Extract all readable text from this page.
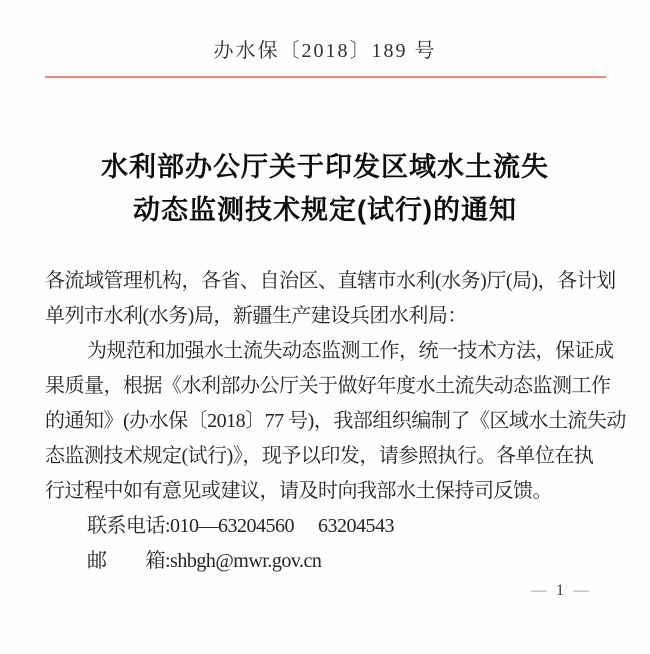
办水保〔2018〕189 号
水利部办公厅关于印发区域水土流失
动态监测技术规定(试行)的通知
各流域管理机构，各省、自治区、直辖市水利(水务)厅(局)，各计划
单列市水利(水务)局，新疆生产建设兵团水利局：
为规范和加强水土流失动态监测工作，统一技术方法，保证成
果质量，根据《水利部办公厅关于做好年度水土流失动态监测工作
的通知》(办水保〔2018〕77 号)，我部组织编制了《区域水土流失动
态监测技术规定(试行)》，现予以印发，请参照执行。各单位在执
行过程中如有意见或建议，请及时向我部水土保持司反馈。
联系电话:010—63204560　 63204543
邮　　箱:shbgh@mwr.gov.cn
— 1 —
